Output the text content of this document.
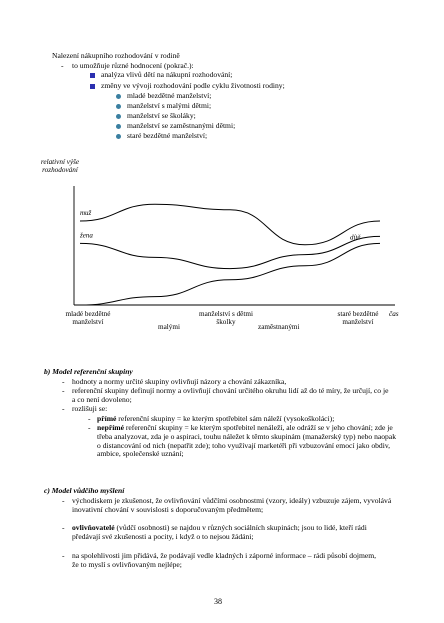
Nalezení nákupního rozhodování v rodině
- to umožňuje různé hodnocení (pokrač.):
analýza vlivů dětí na nákupní rozhodování;
změny ve vývoji rozhodování podle cyklu životnosti rodiny;
mladé bezdětné manželství;
manželství s malými dětmi;
manželství se školáky;
manželství se zaměstnanými dětmi;
staré bezdětné manželství;
relativní výše rozhodování
muž
žena	dítě
čas
mladé bezdětné manželství
malými
manželství s dětmi školky
zaměstnanými
staré bezdětné manželství
b) Model referenční skupiny
- hodnoty a normy určité skupiny ovlivňují názory a chování zákazníka,
- referenční skupiny definují normy a ovlivňují chování určitého okruhu lidí až do té míry, že určují, co je a co není dovoleno;
- rozlišuji se:
- přímé referenční skupiny = ke kterým spotřebitel sám náleží (vysokoškoláci);
- nepřímé referenční skupiny = ke kterým spotřebitel nenáleží, ale odráží se v jeho chování; zde je třeba analyzovat, zda je o aspiraci, touhu náležet k těmto skupinám (manažerský typ) nebo naopak o distancování od nich (nepatřit zde); toho využívají marketéři při vzbuzování emocí jako obdiv, ambice, společenské uznání;
c) Model vůdčího myšlení
- východiskem je zkušenost, že ovlivňování vůdčími osobnostmi (vzory, ideály) vzbuzuje zájem, vyvolává inovativní chování v souvislosti s doporučovaným předmětem;
- ovlivňovatelé (vůdčí osobnosti) se najdou v různých sociálních skupinách; jsou to lidé, kteří rádi předávají své zkušenosti a pocity, i když o to nejsou žádáni;
- na spolehlivosti jim přidává, že podávají vedle kladných i záporné informace – rádi působí dojmem, že to myslí s ovlivňovaným nejlépe;
38
